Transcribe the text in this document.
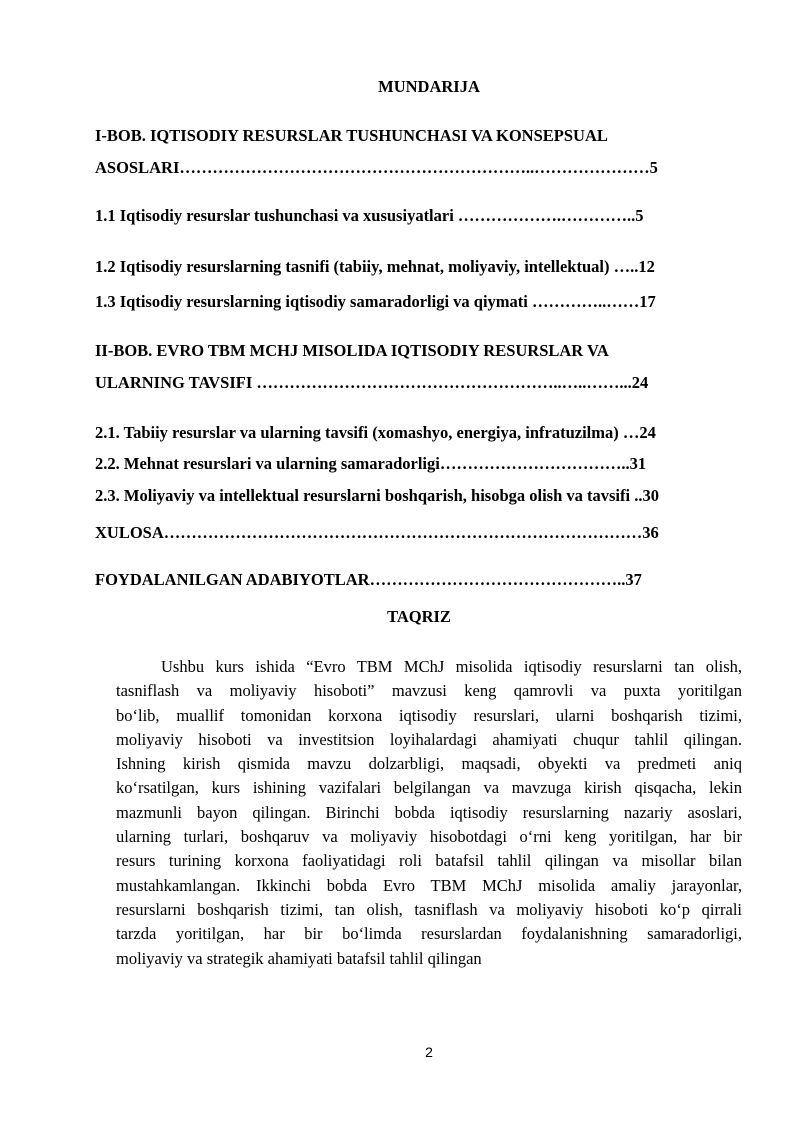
MUNDARIJA
I-BOB. IQTISODIY RESURSLAR TUSHUNCHASI VA KONSEPSUAL
ASOSLARI………………………………………………………..…………………5
1.1 Iqtisodiy resurslar tushunchasi va xususiyatlari ……………….…………..5
1.2 Iqtisodiy resurslarning tasnifi (tabiiy, mehnat, moliyaviy, intellektual) …..12
1.3 Iqtisodiy resurslarning iqtisodiy samaradorligi va qiymati …………..……17
II-BOB. EVRO TBM MCHJ MISOLIDA IQTISODIY RESURSLAR VA
ULARNING TAVSIFI ………………………………………………..…..……...24
2.1. Tabiiy resurslar va ularning tavsifi (xomashyo, energiya, infratuzilma) …24
2.2. Mehnat resurslari va ularning samaradorligi……………………………..31
2.3. Moliyaviy va intellektual resurslarni boshqarish, hisobga olish va tavsifi ..30
XULOSA……………………………………………………………………………36
FOYDALANILGAN ADABIYOTLAR………………………………………..37
TAQRIZ
Ushbu kurs ishida “Evro TBM MChJ misolida iqtisodiy resurslarni tan olish,
tasniflash va moliyaviy hisoboti” mavzusi keng qamrovli va puxta yoritilgan
bo‘lib, muallif tomonidan korxona iqtisodiy resurslari, ularni boshqarish tizimi,
moliyaviy hisoboti va investitsion loyihalardagi ahamiyati chuqur tahlil qilingan.
Ishning kirish qismida mavzu dolzarbligi, maqsadi, obyekti va predmeti aniq
ko‘rsatilgan, kurs ishining vazifalari belgilangan va mavzuga kirish qisqacha, lekin
mazmunli bayon qilingan. Birinchi bobda iqtisodiy resurslarning nazariy asoslari,
ularning turlari, boshqaruv va moliyaviy hisobotdagi o‘rni keng yoritilgan, har bir
resurs turining korxona faoliyatidagi roli batafsil tahlil qilingan va misollar bilan
mustahkamlangan. Ikkinchi bobda Evro TBM MChJ misolida amaliy jarayonlar,
resurslarni boshqarish tizimi, tan olish, tasniflash va moliyaviy hisoboti ko‘p qirrali
tarzda yoritilgan, har bir bo‘limda resurslardan foydalanishning samaradorligi,
moliyaviy va strategik ahamiyati batafsil tahlil qilingan
2
